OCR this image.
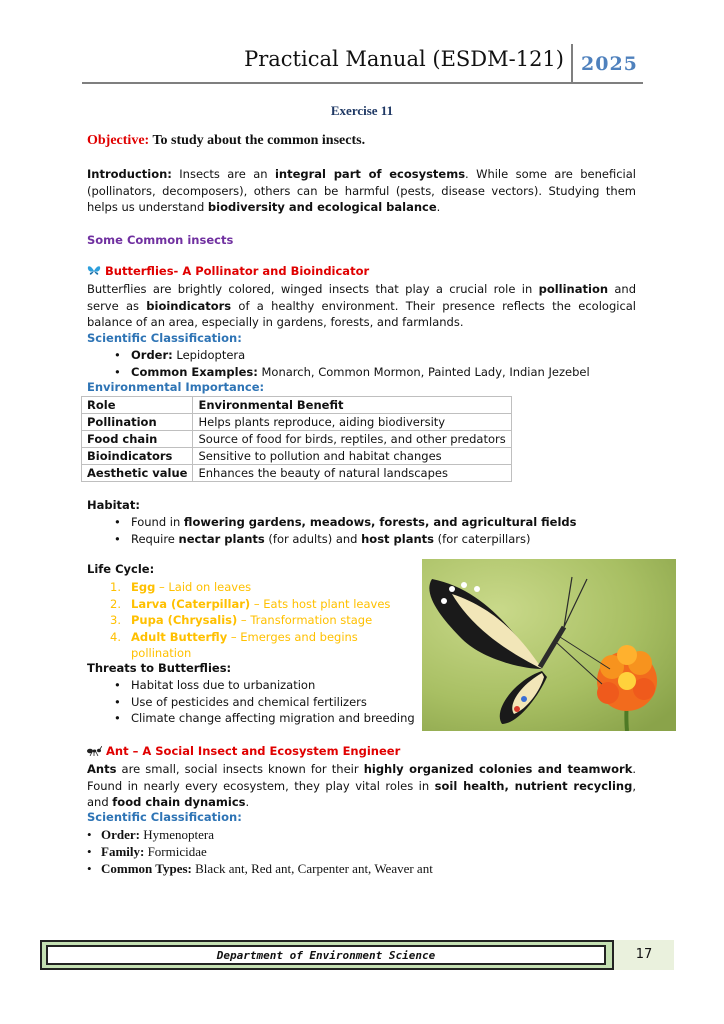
Practical Manual (ESDM-121) 2025
Exercise 11
Objective: To study about the common insects.
Introduction: Insects are an integral part of ecosystems. While some are beneficial (pollinators, decomposers), others can be harmful (pests, disease vectors). Studying them helps us understand biodiversity and ecological balance.
Some Common insects
Butterflies- A Pollinator and Bioindicator
Butterflies are brightly colored, winged insects that play a crucial role in pollination and serve as bioindicators of a healthy environment. Their presence reflects the ecological balance of an area, especially in gardens, forests, and farmlands.
Scientific Classification:
• Order: Lepidoptera
• Common Examples: Monarch, Common Mormon, Painted Lady, Indian Jezebel
Environmental Importance:
Role	Environmental Benefit
Pollination	Helps plants reproduce, aiding biodiversity
Food chain	Source of food for birds, reptiles, and other predators
Bioindicators	Sensitive to pollution and habitat changes
Aesthetic value	Enhances the beauty of natural landscapes
Habitat:
• Found in flowering gardens, meadows, forests, and agricultural fields
• Require nectar plants (for adults) and host plants (for caterpillars)
Life Cycle:
1. Egg – Laid on leaves
2. Larva (Caterpillar) – Eats host plant leaves
3. Pupa (Chrysalis) – Transformation stage
4. Adult Butterfly – Emerges and begins pollination
Threats to Butterflies:
• Habitat loss due to urbanization
• Use of pesticides and chemical fertilizers
• Climate change affecting migration and breeding
Ant – A Social Insect and Ecosystem Engineer
Ants are small, social insects known for their highly organized colonies and teamwork. Found in nearly every ecosystem, they play vital roles in soil health, nutrient recycling, and food chain dynamics.
Scientific Classification:
• Order: Hymenoptera
• Family: Formicidae
• Common Types: Black ant, Red ant, Carpenter ant, Weaver ant
Department of Environment Science	17
